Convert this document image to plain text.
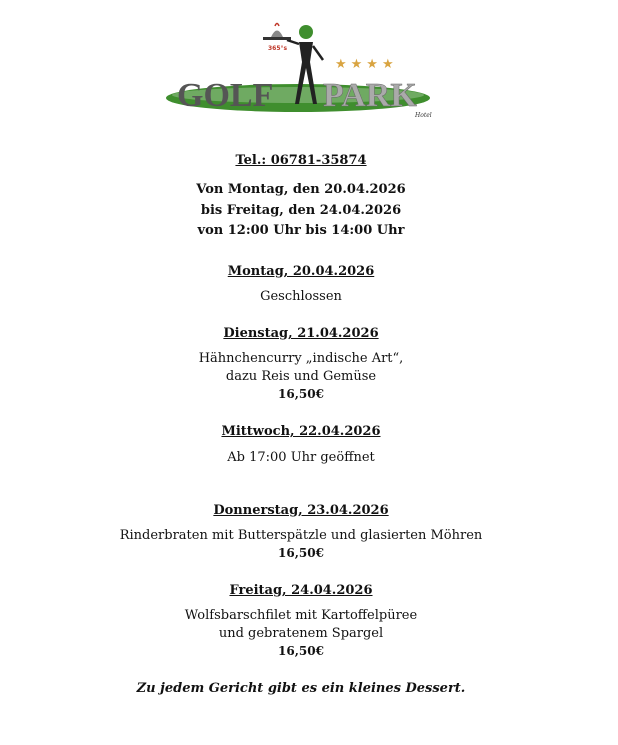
GOLF PARK
365°s
★★★★
Hotel
Tel.: 06781-35874
Von Montag, den 20.04.2026
bis Freitag, den 24.04.2026
von 12:00 Uhr bis 14:00 Uhr
Montag, 20.04.2026
Geschlossen
Dienstag, 21.04.2026
Hähnchencurry „indische Art“,
dazu Reis und Gemüse
16,50€
Mittwoch, 22.04.2026
Ab 17:00 Uhr geöffnet
Donnerstag, 23.04.2026
Rinderbraten mit Butterspätzle und glasierten Möhren
16,50€
Freitag, 24.04.2026
Wolfsbarschfilet mit Kartoffelpüree
und gebratenem Spargel
16,50€
Zu jedem Gericht gibt es ein kleines Dessert.
